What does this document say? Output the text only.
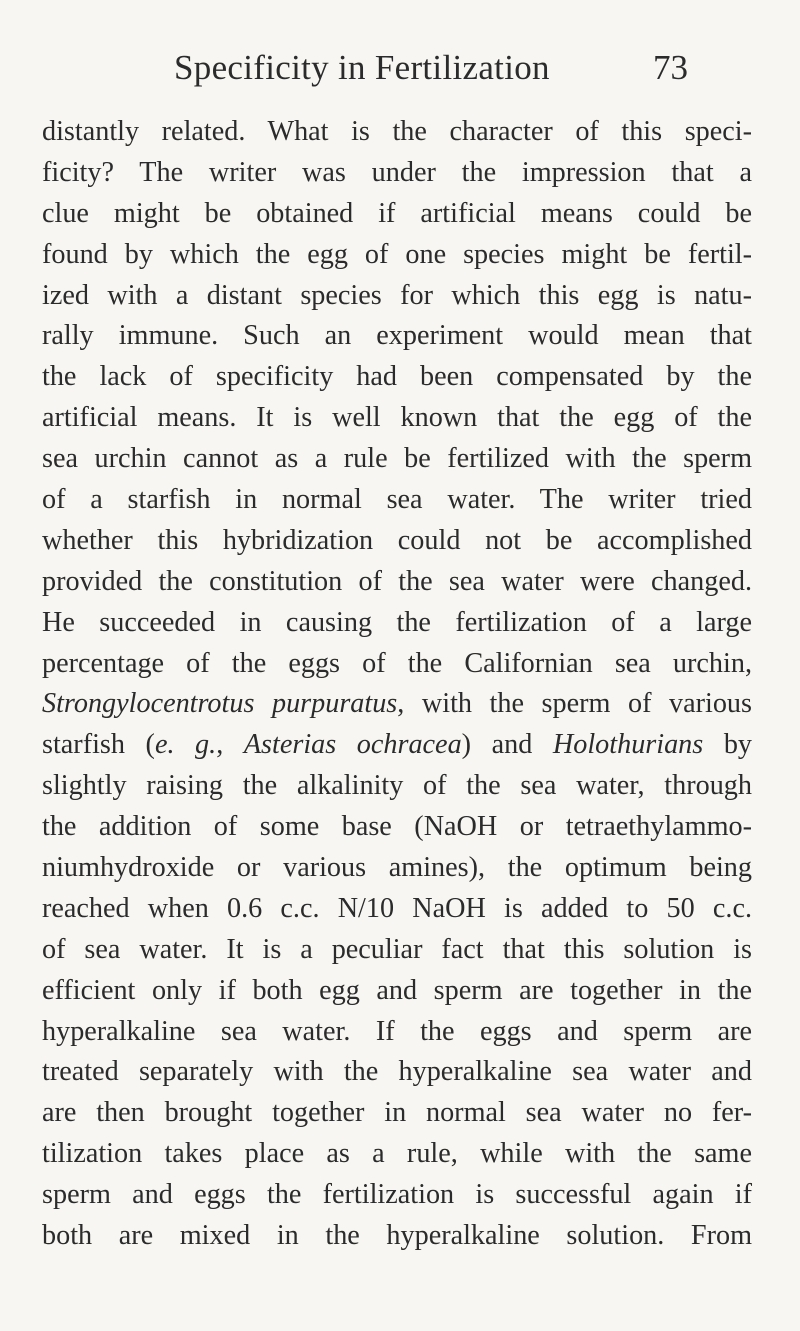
Specificity in Fertilization	73
distantly related. What is the character of this speci-
ficity? The writer was under the impression that a
clue might be obtained if artificial means could be
found by which the egg of one species might be fertil-
ized with a distant species for which this egg is natu-
rally immune. Such an experiment would mean that
the lack of specificity had been compensated by the
artificial means. It is well known that the egg of the
sea urchin cannot as a rule be fertilized with the sperm
of a starfish in normal sea water. The writer tried
whether this hybridization could not be accomplished
provided the constitution of the sea water were changed.
He succeeded in causing the fertilization of a large
percentage of the eggs of the Californian sea urchin,
Strongylocentrotus purpuratus, with the sperm of various
starfish (e. g., Asterias ochracea) and Holothurians by
slightly raising the alkalinity of the sea water, through
the addition of some base (NaOH or tetraethylammo-
niumhydroxide or various amines), the optimum being
reached when 0.6 c.c. N/10 NaOH is added to 50 c.c.
of sea water. It is a peculiar fact that this solution is
efficient only if both egg and sperm are together in the
hyperalkaline sea water. If the eggs and sperm are
treated separately with the hyperalkaline sea water and
are then brought together in normal sea water no fer-
tilization takes place as a rule, while with the same
sperm and eggs the fertilization is successful again if
both are mixed in the hyperalkaline solution. From
